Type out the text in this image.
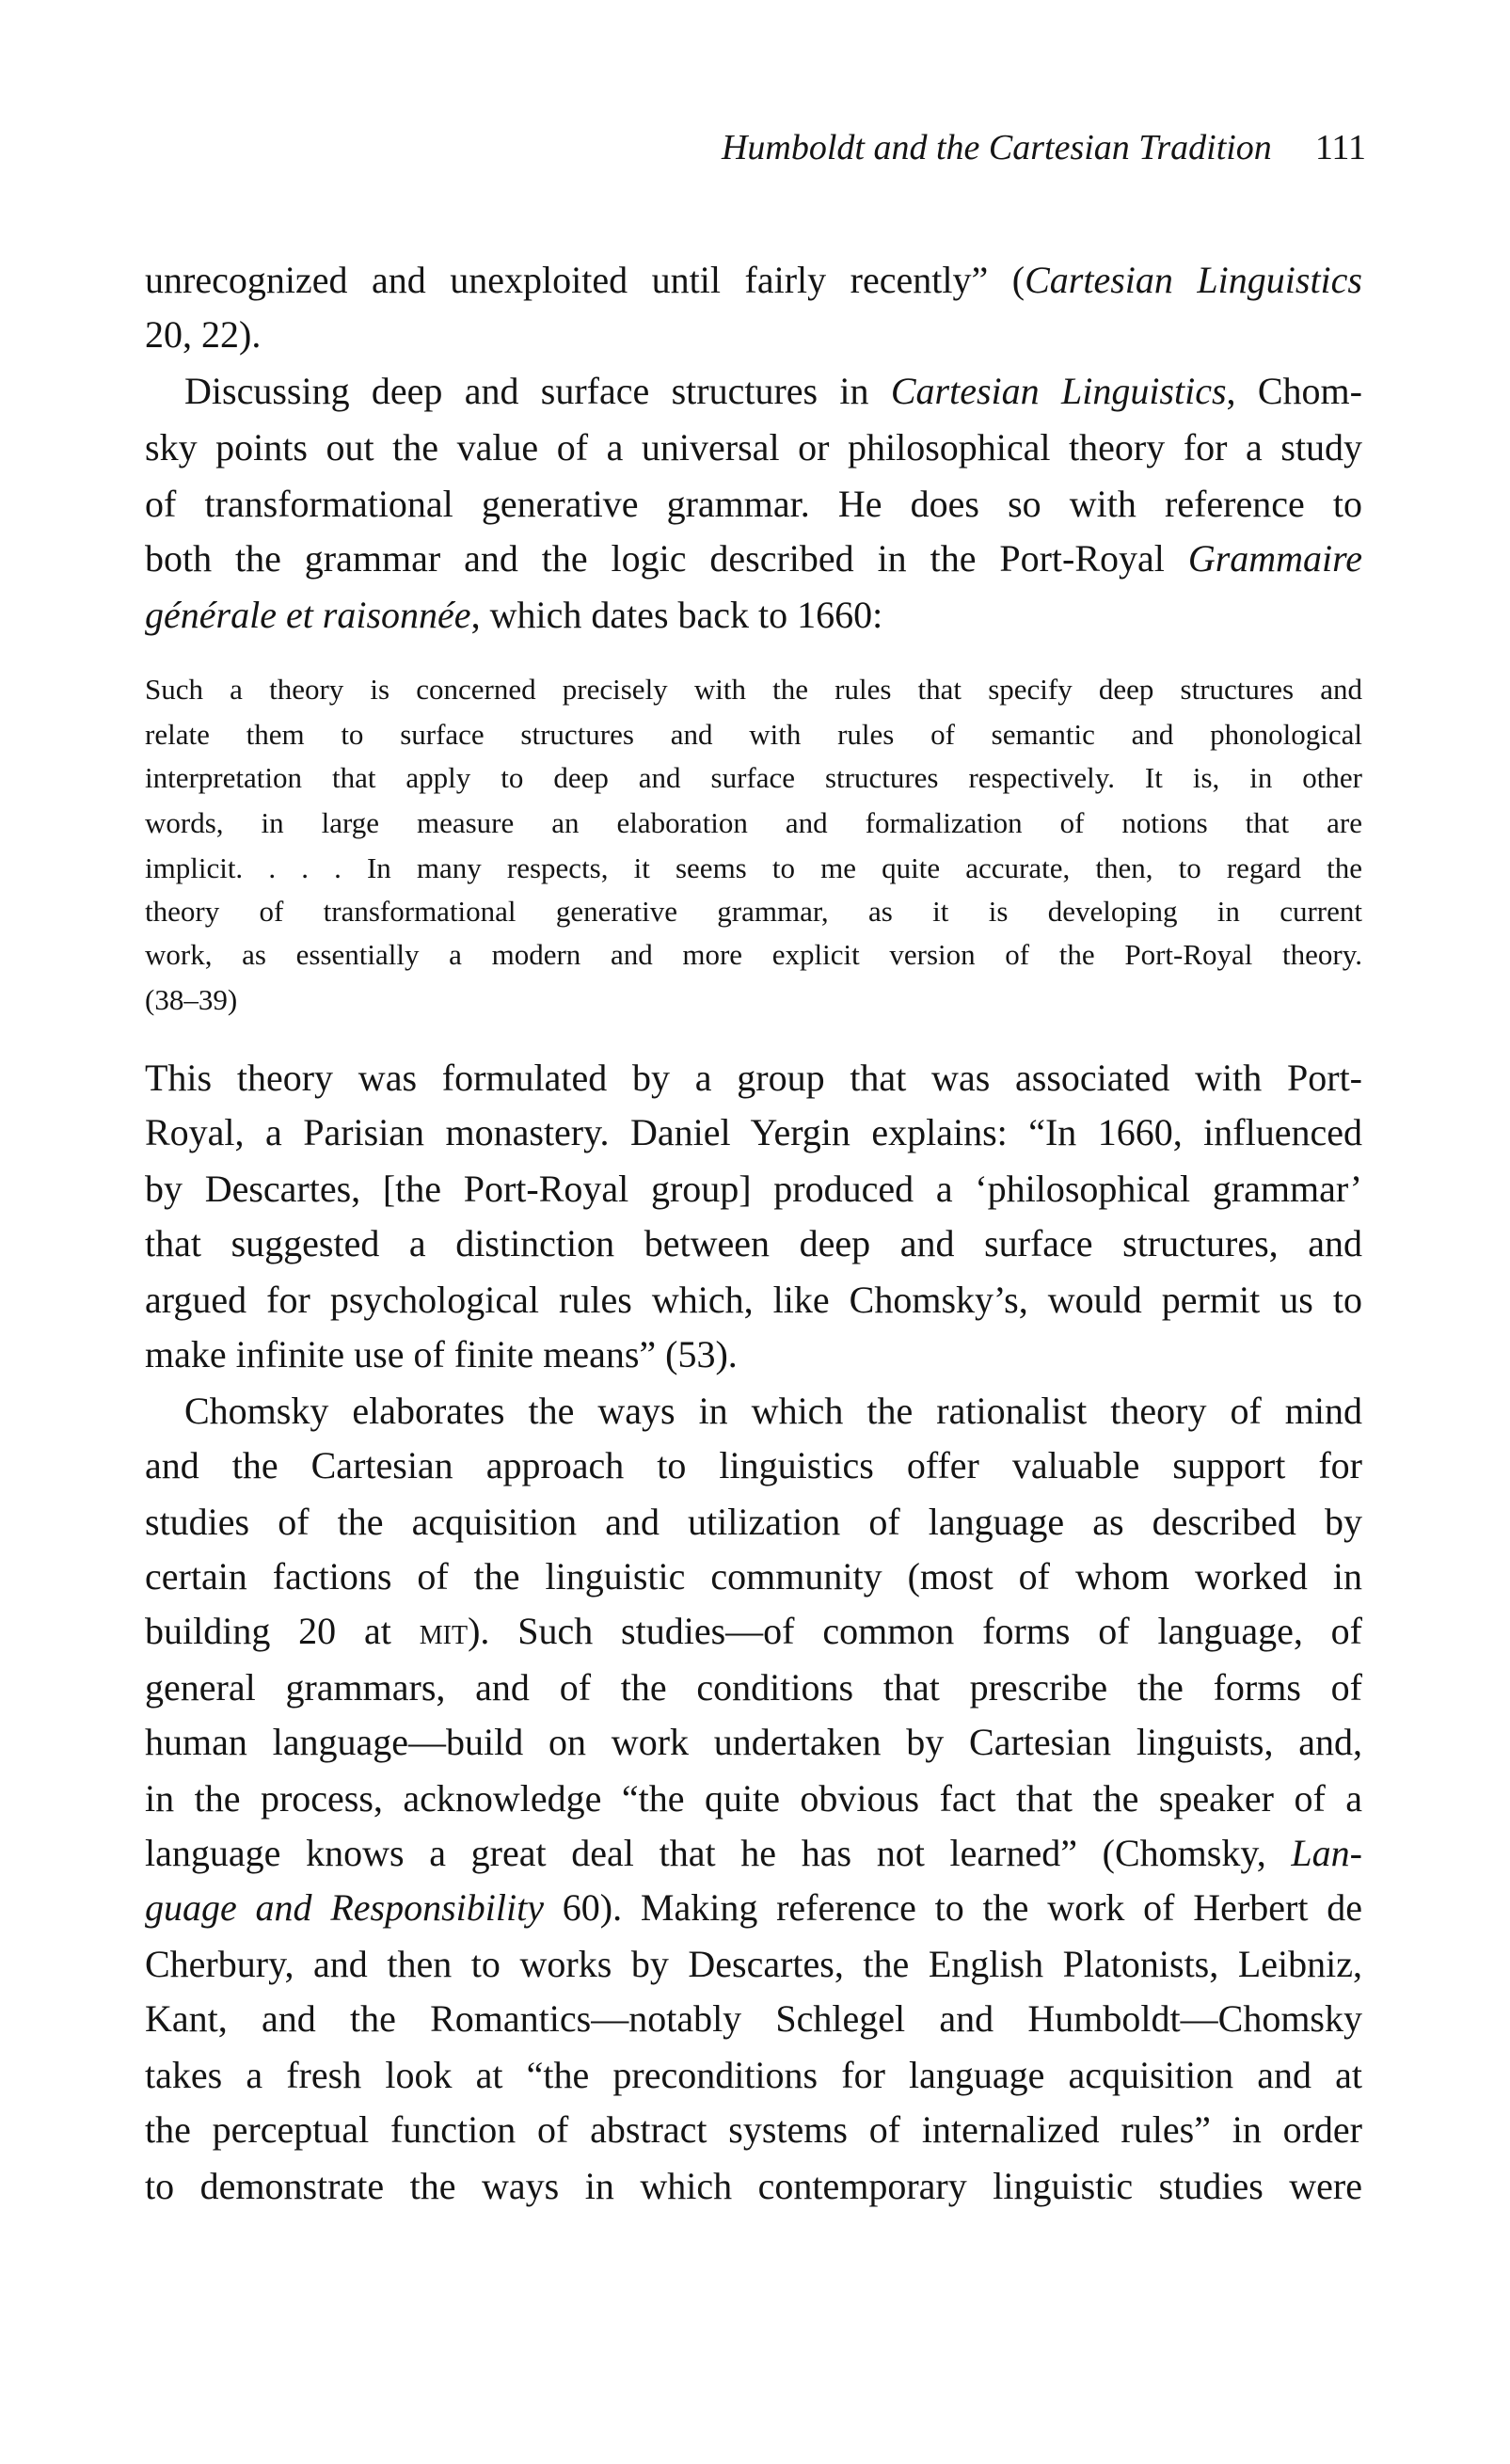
Humboldt and the Cartesian Tradition 111
unrecognized and unexploited until fairly recently” (Cartesian Linguistics
20, 22).
Discussing deep and surface structures in Cartesian Linguistics, Chom-
sky points out the value of a universal or philosophical theory for a study
of transformational generative grammar. He does so with reference to
both the grammar and the logic described in the Port-Royal Grammaire
générale et raisonnée, which dates back to 1660:
Such a theory is concerned precisely with the rules that specify deep structures and
relate them to surface structures and with rules of semantic and phonological
interpretation that apply to deep and surface structures respectively. It is, in other
words, in large measure an elaboration and formalization of notions that are
implicit. . . . In many respects, it seems to me quite accurate, then, to regard the
theory of transformational generative grammar, as it is developing in current
work, as essentially a modern and more explicit version of the Port-Royal theory.
(38–39)
This theory was formulated by a group that was associated with Port-
Royal, a Parisian monastery. Daniel Yergin explains: “In 1660, influenced
by Descartes, [the Port-Royal group] produced a ‘philosophical grammar’
that suggested a distinction between deep and surface structures, and
argued for psychological rules which, like Chomsky’s, would permit us to
make infinite use of finite means” (53).
Chomsky elaborates the ways in which the rationalist theory of mind
and the Cartesian approach to linguistics offer valuable support for
studies of the acquisition and utilization of language as described by
certain factions of the linguistic community (most of whom worked in
building 20 at mit). Such studies—of common forms of language, of
general grammars, and of the conditions that prescribe the forms of
human language—build on work undertaken by Cartesian linguists, and,
in the process, acknowledge “the quite obvious fact that the speaker of a
language knows a great deal that he has not learned” (Chomsky, Lan-
guage and Responsibility 60). Making reference to the work of Herbert de
Cherbury, and then to works by Descartes, the English Platonists, Leibniz,
Kant, and the Romantics—notably Schlegel and Humboldt—Chomsky
takes a fresh look at “the preconditions for language acquisition and at
the perceptual function of abstract systems of internalized rules” in order
to demonstrate the ways in which contemporary linguistic studies were
